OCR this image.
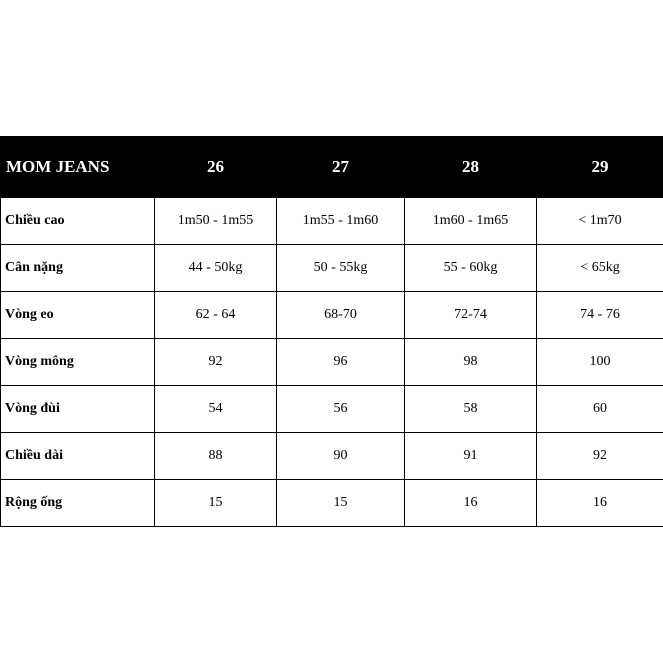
MOM JEANS	26	27	28	29
Chiều cao	1m50 - 1m55	1m55 - 1m60	1m60 - 1m65	< 1m70
Cân nặng	44 - 50kg	50 - 55kg	55 - 60kg	< 65kg
Vòng eo	62 - 64	68-70	72-74	74 - 76
Vòng mông	92	96	98	100
Vòng đùi	54	56	58	60
Chiều dài	88	90	91	92
Rộng ống	15	15	16	16
